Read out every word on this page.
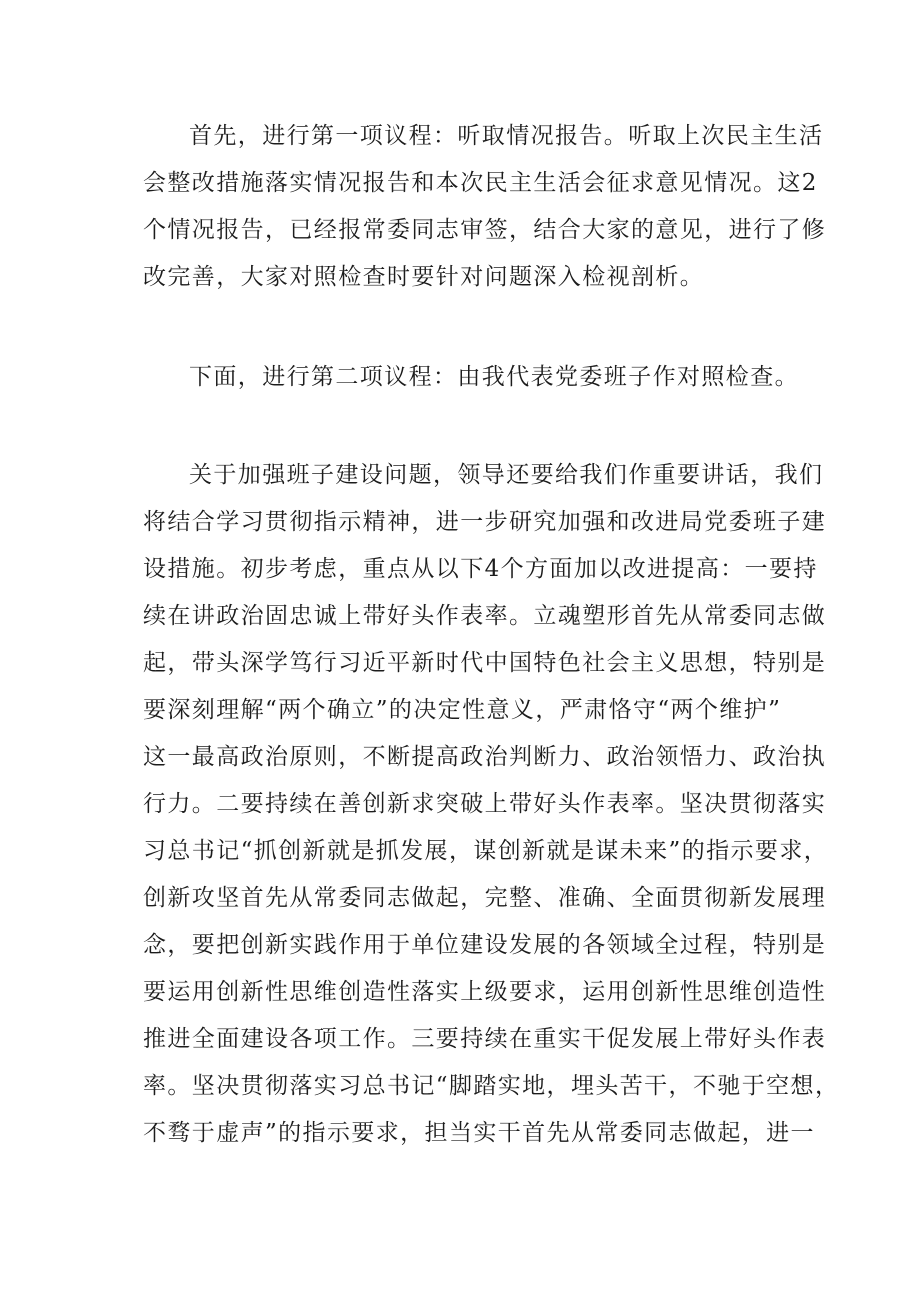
首先，进行第一项议程：听取情况报告。听取上次民主生活

会整改措施落实情况报告和本次民主生活会征求意见情况。这2

个情况报告，已经报常委同志审签，结合大家的意见，进行了修

改完善，大家对照检查时要针对问题深入检视剖析。

下面，进行第二项议程：由我代表党委班子作对照检查。

关于加强班子建设问题，领导还要给我们作重要讲话，我们

将结合学习贯彻指示精神，进一步研究加强和改进局党委班子建

设措施。初步考虑，重点从以下4个方面加以改进提高：一要持

续在讲政治固忠诚上带好头作表率。立魂塑形首先从常委同志做

起，带头深学笃行习近平新时代中国特色社会主义思想，特别是

要深刻理解“两个确立”的决定性意义，严肃恪守“两个维护”

这一最高政治原则，不断提高政治判断力、政治领悟力、政治执

行力。二要持续在善创新求突破上带好头作表率。坚决贯彻落实

习总书记“抓创新就是抓发展，谋创新就是谋未来”的指示要求，

创新攻坚首先从常委同志做起，完整、准确、全面贯彻新发展理

念，要把创新实践作用于单位建设发展的各领域全过程，特别是

要运用创新性思维创造性落实上级要求，运用创新性思维创造性

推进全面建设各项工作。三要持续在重实干促发展上带好头作表

率。坚决贯彻落实习总书记“脚踏实地，埋头苦干，不驰于空想，

不骛于虚声”的指示要求，担当实干首先从常委同志做起，进一
